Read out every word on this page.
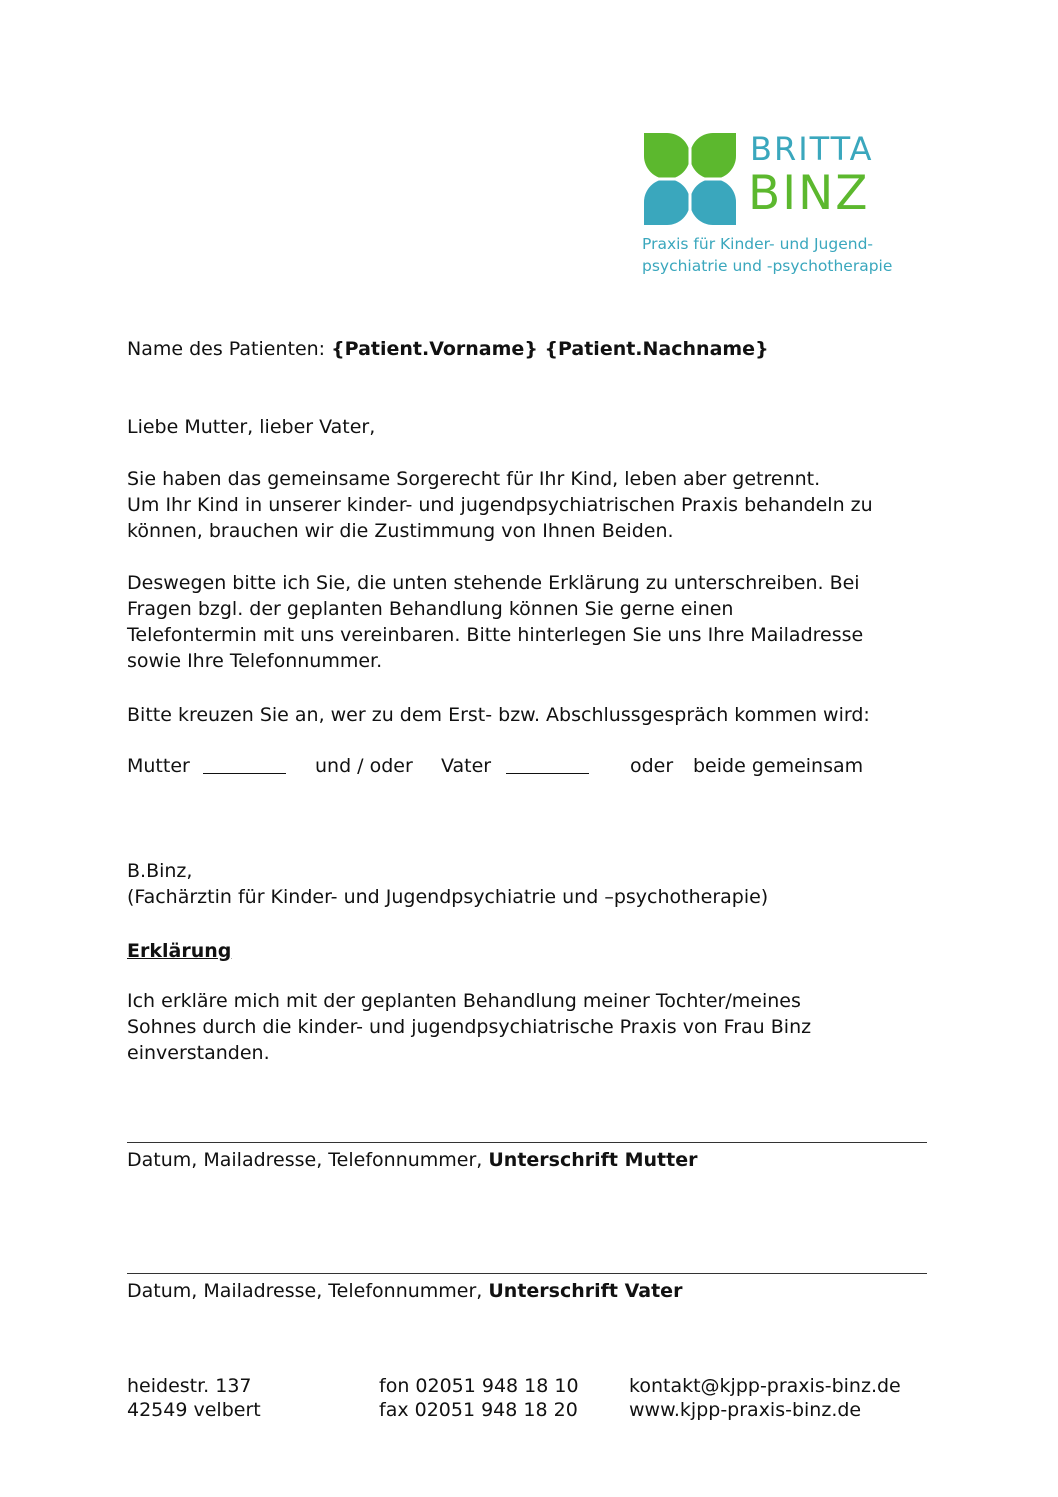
BRITTA
BINZ
Praxis für Kinder- und Jugend-
psychiatrie und -psychotherapie
Name des Patienten: {Patient.Vorname} {Patient.Nachname}
Liebe Mutter, lieber Vater,
Sie haben das gemeinsame Sorgerecht für Ihr Kind, leben aber getrennt.
Um Ihr Kind in unserer kinder- und jugendpsychiatrischen Praxis behandeln zu
können, brauchen wir die Zustimmung von Ihnen Beiden.
Deswegen bitte ich Sie, die unten stehende Erklärung zu unterschreiben. Bei
Fragen bzgl. der geplanten Behandlung können Sie gerne einen
Telefontermin mit uns vereinbaren. Bitte hinterlegen Sie uns Ihre Mailadresse
sowie Ihre Telefonnummer.
Bitte kreuzen Sie an, wer zu dem Erst- bzw. Abschlussgespräch kommen wird:
Mutter	und / oder Vater	oder beide gemeinsam
B.Binz,
(Fachärztin für Kinder- und Jugendpsychiatrie und –psychotherapie)
Erklärung
Ich erkläre mich mit der geplanten Behandlung meiner Tochter/meines
Sohnes durch die kinder- und jugendpsychiatrische Praxis von Frau Binz
einverstanden.
Datum, Mailadresse, Telefonnummer, Unterschrift Mutter
Datum, Mailadresse, Telefonnummer, Unterschrift Vater
heidestr. 137
42549 velbert
fon 02051 948 18 10
fax 02051 948 18 20
kontakt@kjpp-praxis-binz.de
www.kjpp-praxis-binz.de
